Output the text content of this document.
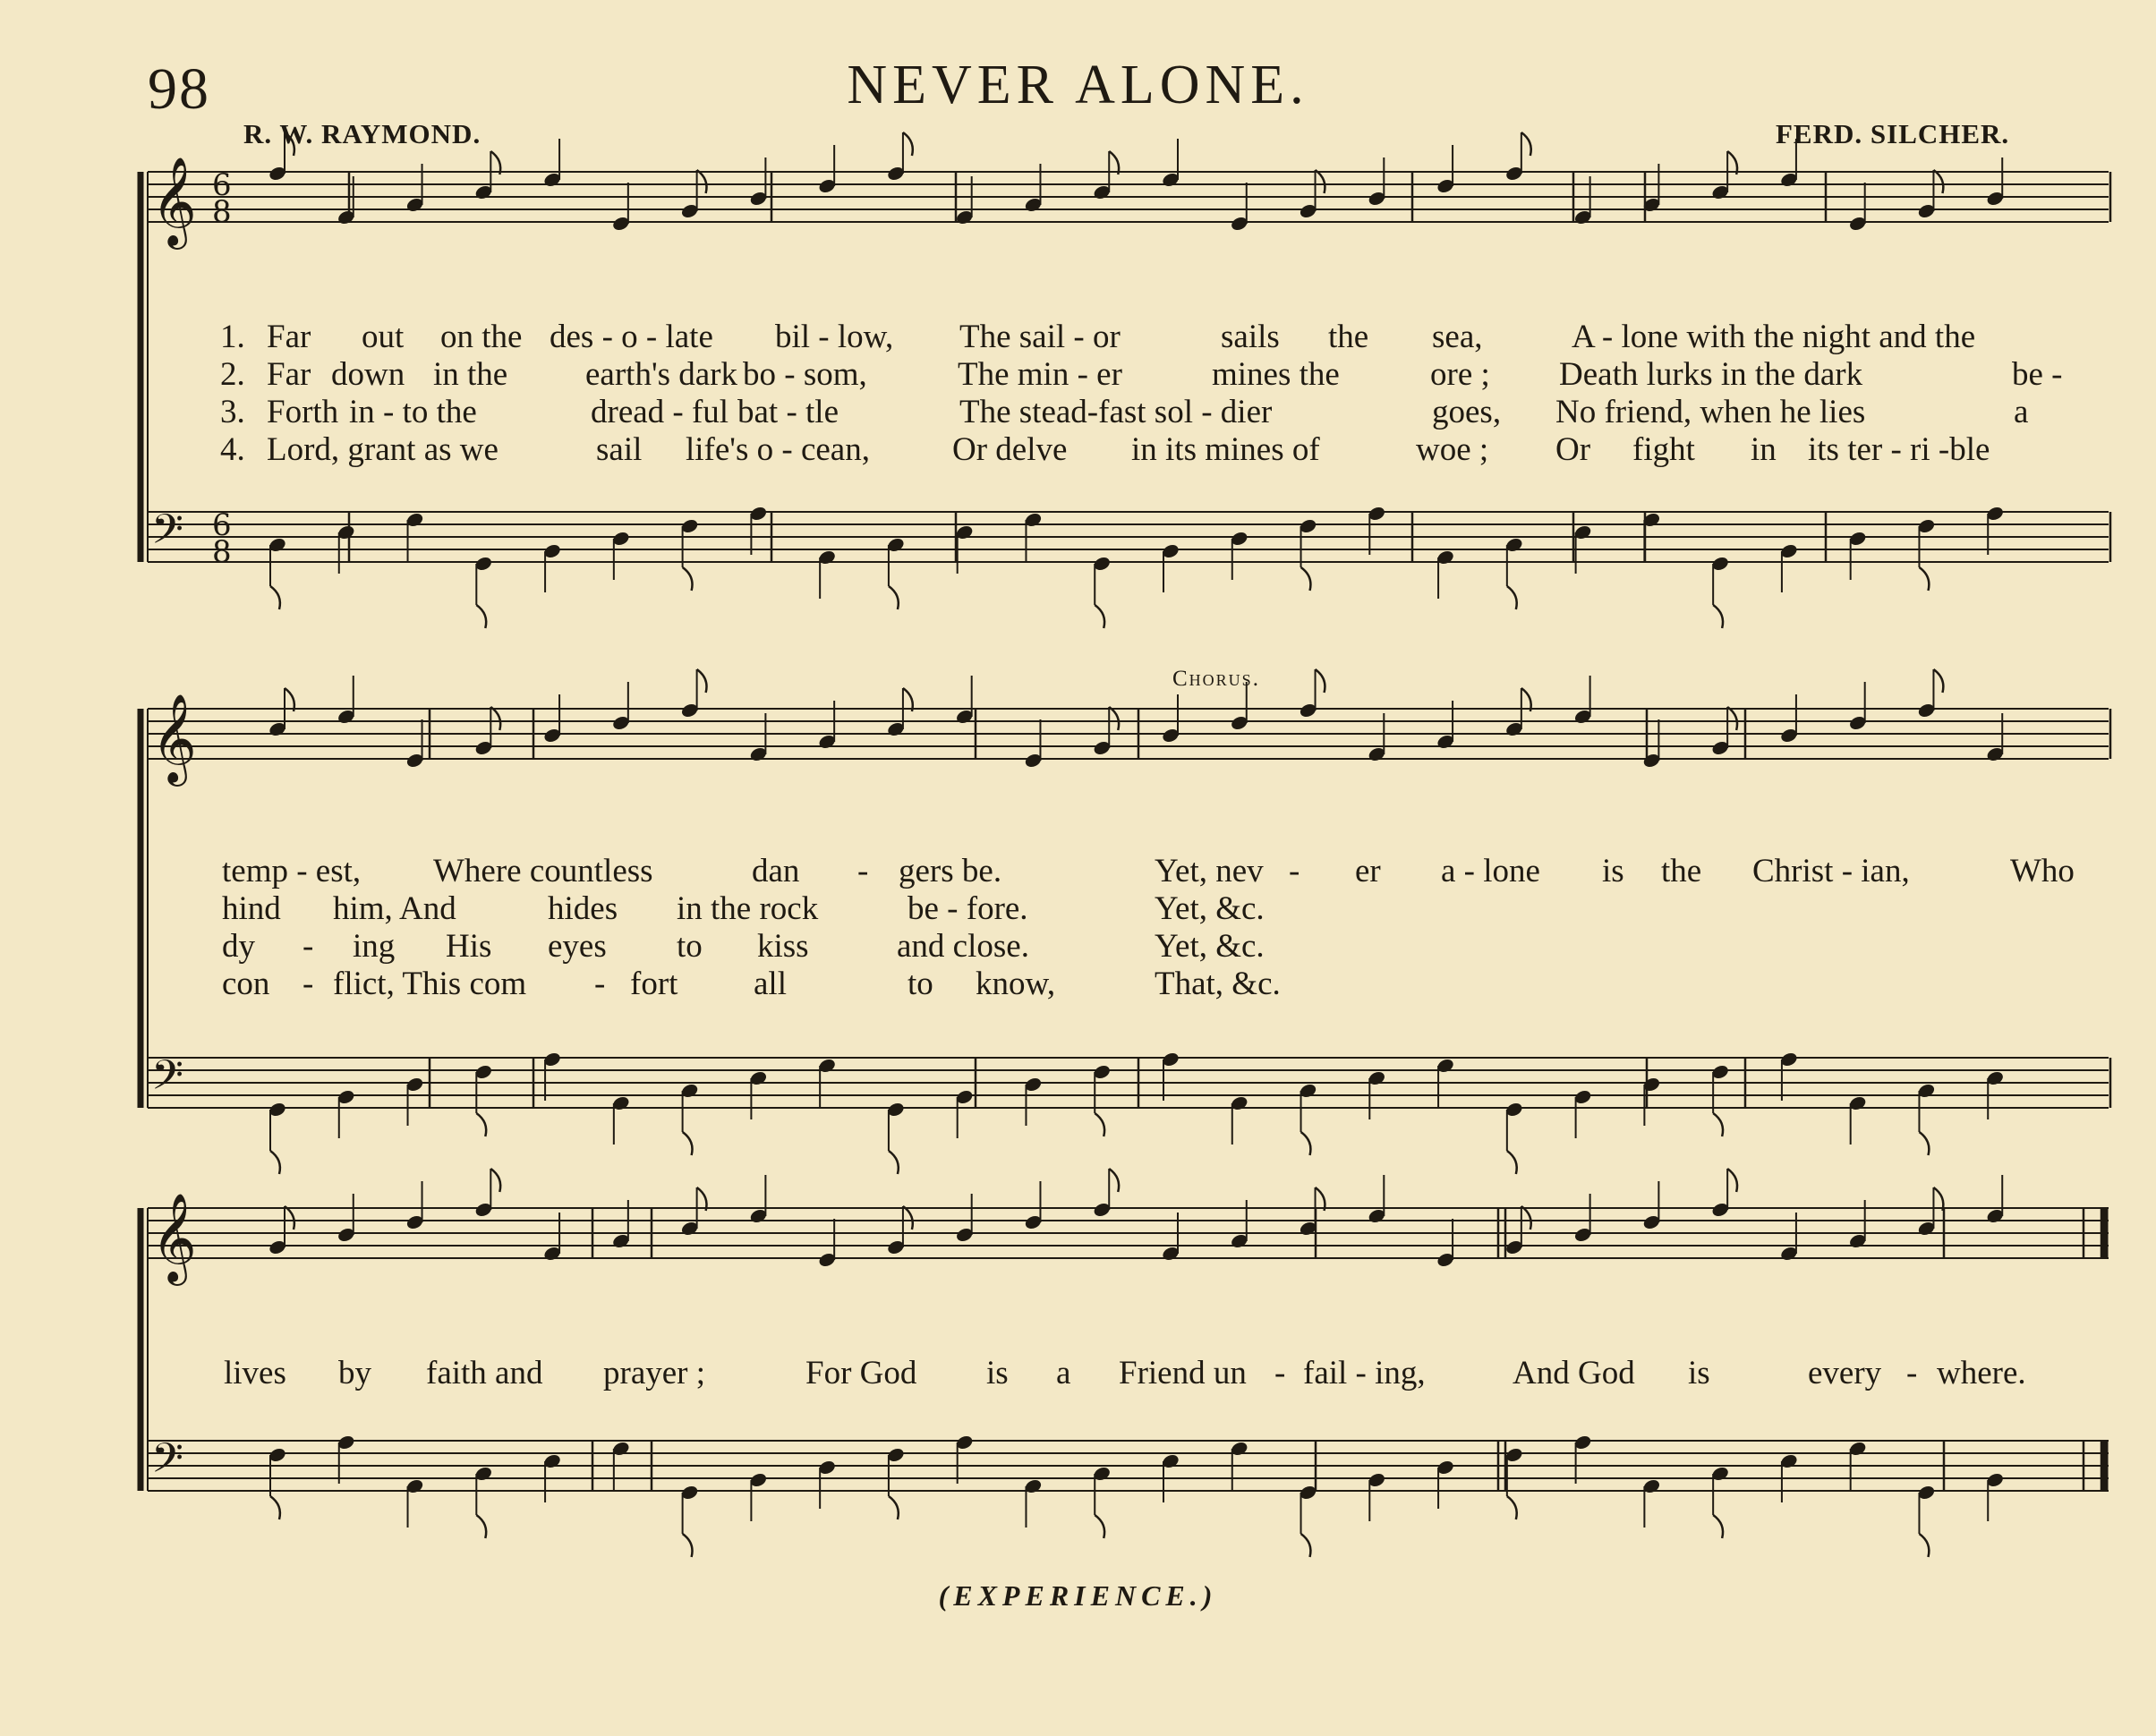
98	NEVER ALONE.
R. W. RAYMOND.	FERD. SILCHER.
Chorus.
𝄞 6
8
𝄢 6
8
𝄞
𝄢
𝄞
𝄢
1. Far out on the des - o - late bil - low, The sail - or	sails the sea,	A - lone with the night and the
2. Far down in the earth's dark bo - som,	The min - er	mines the	ore ; Death lurks in the dark	be -
3. Forth in - to the	dread - ful bat - tle	The stead-fast sol - dier	goes, No friend, when he lies	a
4. Lord, grant as we	sail life's o - cean, Or delve in its mines of	woe ; Or fight in its ter - ri -ble
temp - est, Where countless	dan - gers be.	Yet, nev - er a - lone is the Christ - ian,	Who
hind him, And	hides in the rock	be - fore.	Yet, &c.
dy - ing His eyes to kiss	and close.	Yet, &c.
con - flict, This com - fort all	to know,	That, &c.
lives by faith and prayer ;	For God is a Friend un - fail - ing,	And God is	every - where.
(EXPERIENCE.)
